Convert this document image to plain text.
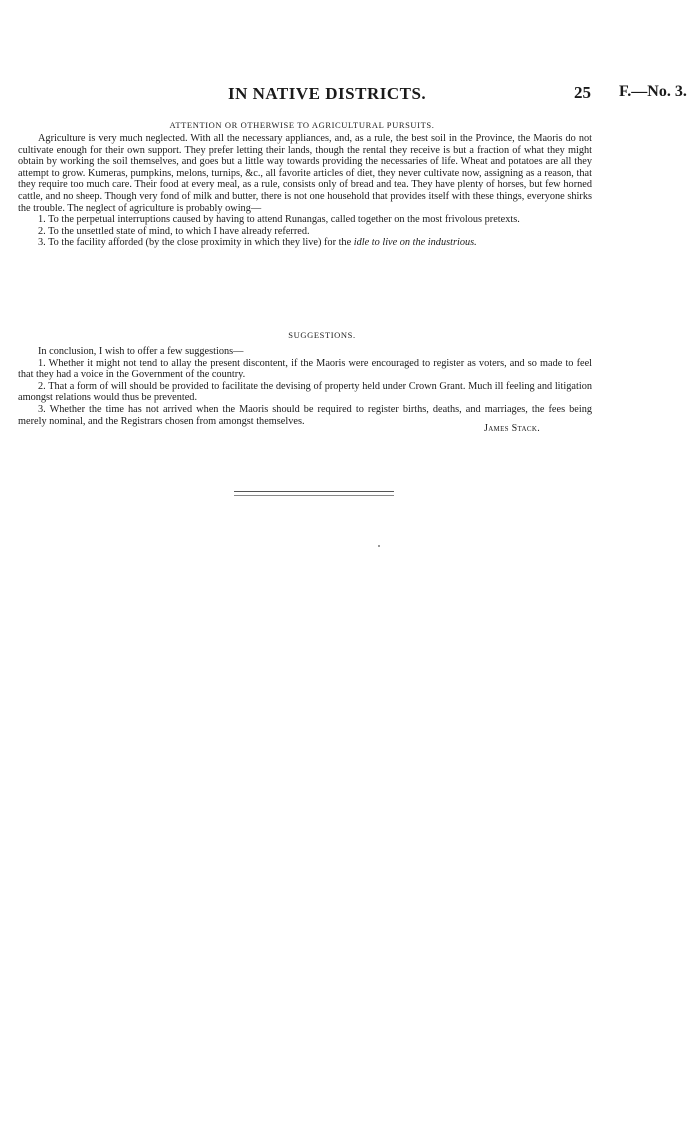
IN NATIVE DISTRICTS.	25 F.—No. 3.
ATTENTION OR OTHERWISE TO AGRICULTURAL PURSUITS.

Agriculture is very much neglected. With all the necessary appliances, and, as a rule, the best soil in the Province, the Maoris do not cultivate enough for their own support. They prefer letting their lands, though the rental they receive is but a fraction of what they might obtain by working the soil themselves, and goes but a little way towards providing the necessaries of life. Wheat and potatoes are all they attempt to grow. Kumeras, pumpkins, melons, turnips, &c., all favorite articles of diet, they never cultivate now, assigning as a reason, that they require too much care. Their food at every meal, as a rule, consists only of bread and tea. They have plenty of horses, but few horned cattle, and no sheep. Though very fond of milk and butter, there is not one household that provides itself with these things, everyone shirks the trouble. The neglect of agriculture is probably owing—

1. To the perpetual interruptions caused by having to attend Runangas, called together on the most frivolous pretexts.

2. To the unsettled state of mind, to which I have already referred.

3. To the facility afforded (by the close proximity in which they live) for the idle to live on the industrious.

SUGGESTIONS.

In conclusion, I wish to offer a few suggestions—

1. Whether it might not tend to allay the present discontent, if the Maoris were encouraged to register as voters, and so made to feel that they had a voice in the Government of the country.

2. That a form of will should be provided to facilitate the devising of property held under Crown Grant. Much ill feeling and litigation amongst relations would thus be prevented.

3. Whether the time has not arrived when the Maoris should be required to register births, deaths, and marriages, the fees being merely nominal, and the Registrars chosen from amongst themselves.

James Stack.
